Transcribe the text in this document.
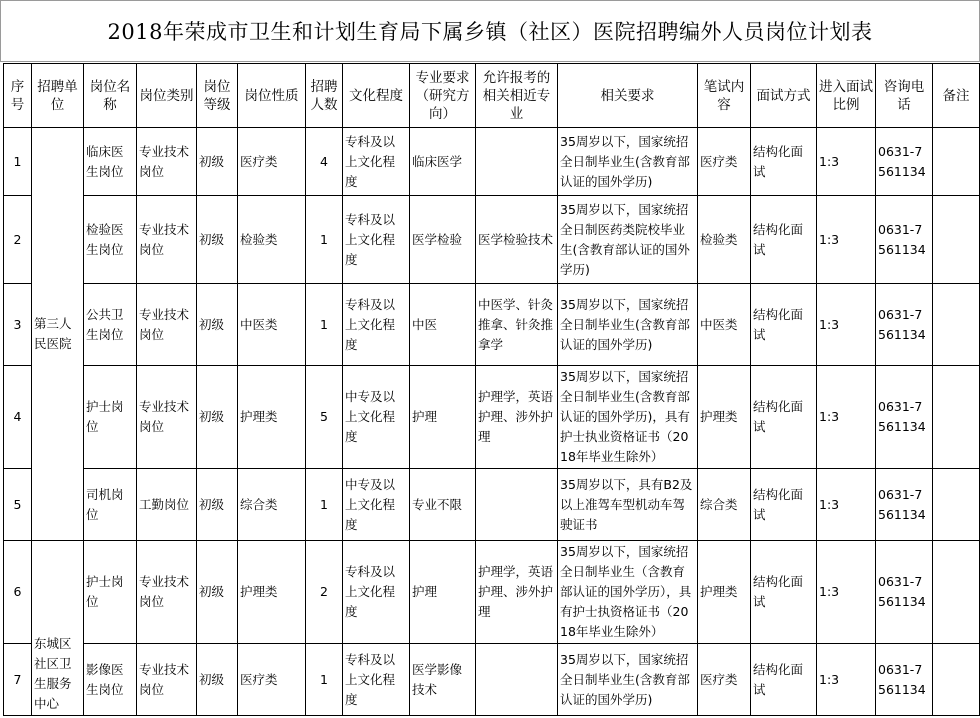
2018年荣成市卫生和计划生育局下属乡镇（社区）医院招聘编外人员岗位计划表
序号	招聘单位	岗位名称	岗位类别	岗位等级	岗位性质	招聘人数	文化程度	专业要求（研究方向）	允许报考的相关相近专业	相关要求	笔试内容	面试方式	进入面试比例	咨询电话	备注
1	第三人民医院	临床医生岗位	专业技术岗位	初级	医疗类	4	专科及以上文化程度	临床医学		35周岁以下，国家统招全日制毕业生(含教育部认证的国外学历)	医疗类	结构化面试	1:3	0631-7561134	
2		检验医生岗位	专业技术岗位	初级	检验类	1	专科及以上文化程度	医学检验	医学检验技术	35周岁以下，国家统招全日制医药类院校毕业生(含教育部认证的国外学历)	检验类	结构化面试	1:3	0631-7561134	
3		公共卫生岗位	专业技术岗位	初级	中医类	1	专科及以上文化程度	中医	中医学、针灸推拿、针灸推拿学	35周岁以下，国家统招全日制毕业生(含教育部认证的国外学历)	中医类	结构化面试	1:3	0631-7561134	
4		护士岗位	专业技术岗位	初级	护理类	5	中专及以上文化程度	护理	护理学，英语护理、涉外护理	35周岁以下，国家统招全日制毕业生(含教育部认证的国外学历)，具有护士执业资格证书（2018年毕业生除外）	护理类	结构化面试	1:3	0631-7561134	
5		司机岗位	工勤岗位	初级	综合类	1	中专及以上文化程度	专业不限		35周岁以下，具有B2及以上准驾车型机动车驾驶证书	综合类	结构化面试	1:3	0631-7561134	
6	东城区社区卫生服务中心	护士岗位	专业技术岗位	初级	护理类	2	专科及以上文化程度	护理	护理学，英语护理、涉外护理	35周岁以下，国家统招全日制毕业生（含教育部认证的国外学历），具有护士执资格证书（2018年毕业生除外）	护理类	结构化面试	1:3	0631-7561134	
7		影像医生岗位	专业技术岗位	初级	医疗类	1	专科及以上文化程度	医学影像技术		35周岁以下，国家统招全日制毕业生(含教育部认证的国外学历)	医疗类	结构化面试	1:3	0631-7561134	
